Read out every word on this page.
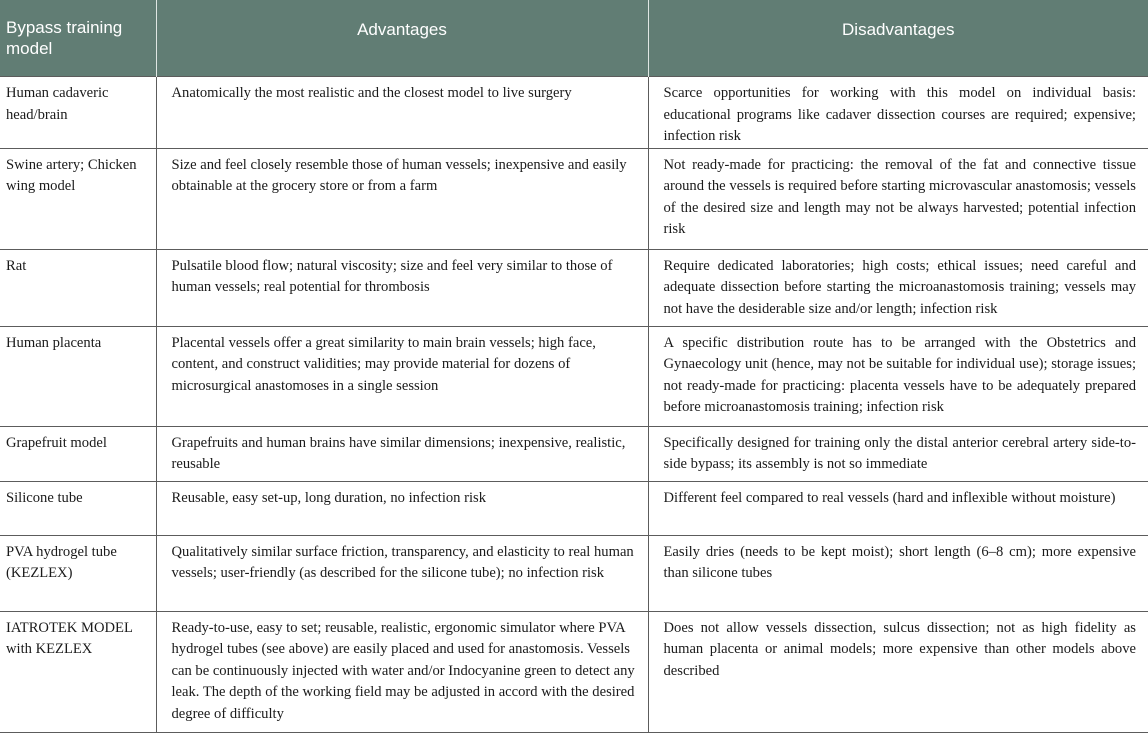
Bypass training model	Advantages	Disadvantages
Human cadaveric head/brain	Anatomically the most realistic and the closest model to live surgery	Scarce opportunities for working with this model on individual basis: educational programs like cadaver dissection courses are required; expensive; infection risk
Swine artery; Chicken wing model	Size and feel closely resemble those of human vessels; inexpensive and easily obtainable at the grocery store or from a farm	Not ready-made for practicing: the removal of the fat and connective tissue around the vessels is required before starting microvascular anastomosis; vessels of the desired size and length may not be always harvested; potential infection risk
Rat	Pulsatile blood flow; natural viscosity; size and feel very similar to those of human vessels; real potential for thrombosis	Require dedicated laboratories; high costs; ethical issues; need careful and adequate dissection before starting the microanastomosis training; vessels may not have the desiderable size and/or length; infection risk
Human placenta	Placental vessels offer a great similarity to main brain vessels; high face, content, and construct validities; may provide material for dozens of microsurgical anastomoses in a single session	A specific distribution route has to be arranged with the Obstetrics and Gynaecology unit (hence, may not be suitable for individual use); storage issues; not ready-made for practicing: placenta vessels have to be adequately prepared before microanastomosis training; infection risk
Grapefruit model	Grapefruits and human brains have similar dimensions; inexpensive, realistic, reusable	Specifically designed for training only the distal anterior cerebral artery side-to-side bypass; its assembly is not so immediate
Silicone tube	Reusable, easy set-up, long duration, no infection risk	Different feel compared to real vessels (hard and inflexible without moisture)
PVA hydrogel tube (KEZLEX)	Qualitatively similar surface friction, transparency, and elasticity to real human vessels; user-friendly (as described for the silicone tube); no infection risk	Easily dries (needs to be kept moist); short length (6–8 cm); more expensive than silicone tubes
IATROTEK MODEL with KEZLEX	Ready-to-use, easy to set; reusable, realistic, ergonomic simulator where PVA hydrogel tubes (see above) are easily placed and used for anastomosis. Vessels can be continuously injected with water and/or Indocyanine green to detect any leak. The depth of the working field may be adjusted in accord with the desired degree of difficulty	Does not allow vessels dissection, sulcus dissection; not as high fidelity as human placenta or animal models; more expensive than other models above described
